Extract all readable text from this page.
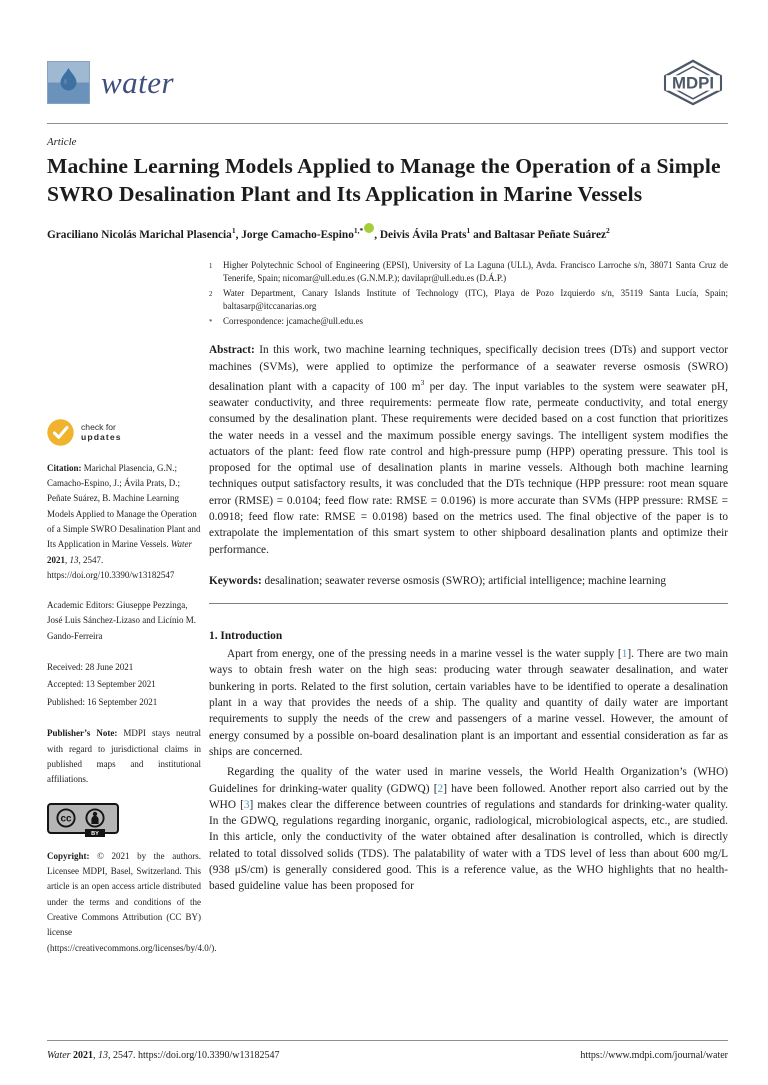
water	MDPI
Article
Machine Learning Models Applied to Manage the Operation of a Simple SWRO Desalination Plant and Its Application in Marine Vessels
Graciliano Nicolás Marichal Plasencia$^1$, Jorge Camacho-Espino$^{1,*}$ , Deivis Ávila Prats$^1$ and Baltasar Peñate Suárez$^2$
check for
updates
Citation: Marichal Plasencia, G.N.; Camacho-Espino, J.; Ávila Prats, D.; Peñate Suárez, B. Machine Learning Models Applied to Manage the Operation of a Simple SWRO Desalination Plant and Its Application in Marine Vessels. Water 2021, 13, 2547. https://doi.org/10.3390/w13182547
Academic Editors: Giuseppe Pezzinga, José Luis Sánchez-Lizaso and Licínio M. Gando-Ferreira
Received: 28 June 2021
Accepted: 13 September 2021
Published: 16 September 2021
Publisher’s Note: MDPI stays neutral with regard to jurisdictional claims in published maps and institutional affiliations.
cc
BY
Copyright: © 2021 by the authors. Licensee MDPI, Basel, Switzerland. This article is an open access article distributed under the terms and conditions of the Creative Commons Attribution (CC BY) license (https://creativecommons.org/licenses/by/4.0/).
1	Higher Polytechnic School of Engineering (EPSI), University of La Laguna (ULL), Avda. Francisco Larroche s/n, 38071 Santa Cruz de Tenerife, Spain; nicomar@ull.edu.es (G.N.M.P.); davilapr@ull.edu.es (D.Á.P.)
2	Water Department, Canary Islands Institute of Technology (ITC), Playa de Pozo Izquierdo s/n, 35119 Santa Lucía, Spain; baltasarp@itccanarias.org
*	Correspondence: jcamache@ull.edu.es
Abstract: In this work, two machine learning techniques, specifically decision trees (DTs) and support vector machines (SVMs), were applied to optimize the performance of a seawater reverse osmosis (SWRO) desalination plant with a capacity of 100 $m^3$ per day. The input variables to the system were seawater pH, seawater conductivity, and three requirements: permeate flow rate, permeate conductivity, and total energy consumed by the desalination plant. These requirements were decided based on a cost function that prioritizes the water needs in a vessel and the maximum possible energy savings. The intelligent system modifies the actuators of the plant: feed flow rate control and high-pressure pump (HPP) operating pressure. This tool is proposed for the optimal use of desalination plants in marine vessels. Although both machine learning techniques output satisfactory results, it was concluded that the DTs technique (HPP pressure: root mean square error (RMSE) = 0.0104; feed flow rate: RMSE = 0.0196) is more accurate than SVMs (HPP pressure: RMSE = 0.0918; feed flow rate: RMSE = 0.0198) based on the metrics used. The final objective of the paper is to extrapolate the implementation of this smart system to other shipboard desalination plants and optimize their performance.
Keywords: desalination; seawater reverse osmosis (SWRO); artificial intelligence; machine learning
1. Introduction

Apart from energy, one of the pressing needs in a marine vessel is the water supply [1]. There are two main ways to obtain fresh water on the high seas: producing water through seawater desalination, and water bunkering in ports. Related to the first solution, certain variables have to be identified to operate a desalination plant in a way that provides the needs of a ship. The quality and quantity of daily water are important requirements to supply the needs of the crew and passengers of a marine vessel. However, the amount of energy consumed by a possible on-board desalination plant is an important and essential consideration as far as ships are concerned.

Regarding the quality of the water used in marine vessels, the World Health Organization’s (WHO) Guidelines for drinking-water quality (GDWQ) [2] have been followed. Another report also carried out by the WHO [3] makes clear the difference between countries of regulations and standards for drinking-water quality. In the GDWQ, regulations regarding inorganic, organic, radiological, microbiological aspects, etc., are studied. In this article, only the conductivity of the water obtained after desalination is controlled, which is directly related to total dissolved solids (TDS). The palatability of water with a TDS level of less than about 600 mg/L (938 μS/cm) is generally considered good. This is a reference value, as the WHO highlights that no health-based guideline value has been proposed for

Water 2021, 13, 2547. https://doi.org/10.3390/w13182547	https://www.mdpi.com/journal/water
